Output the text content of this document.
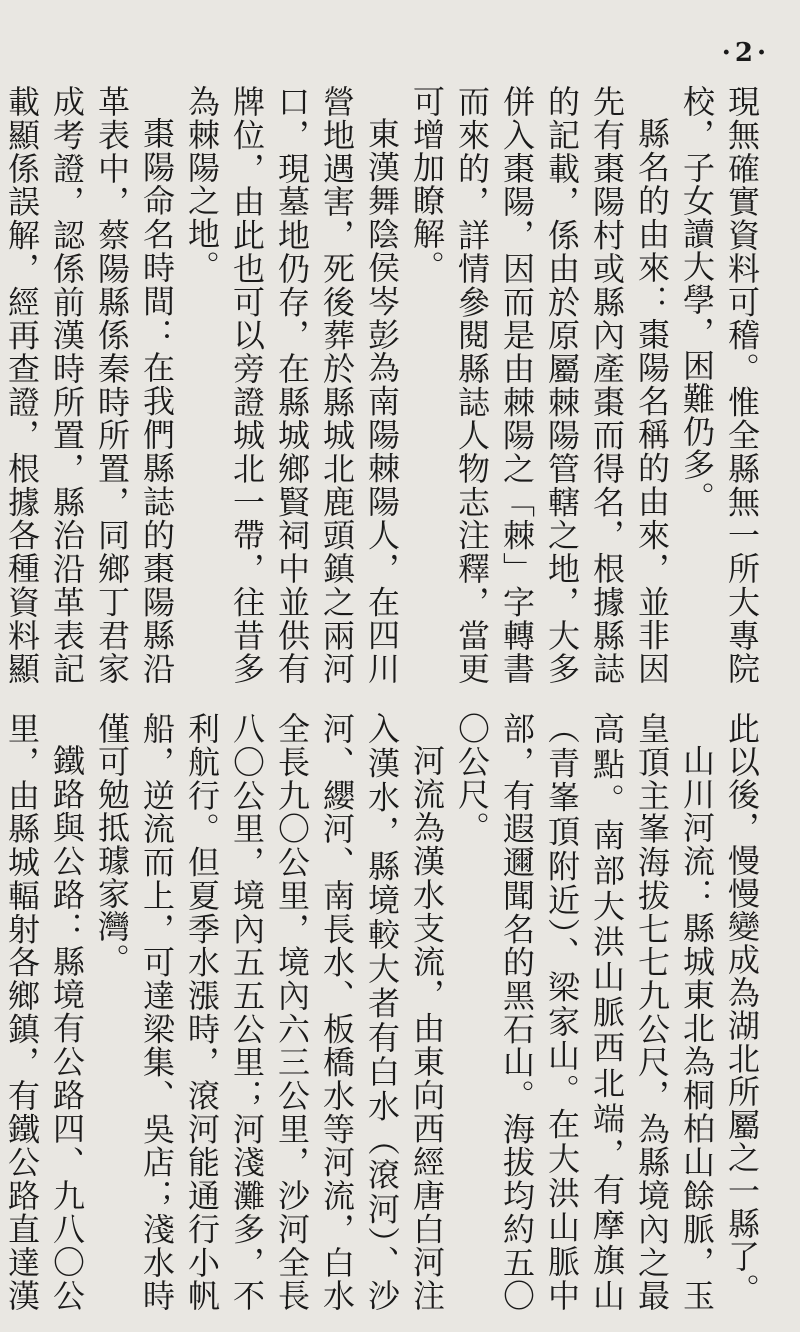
·2·

現無確實資料可稽。惟全縣無一所大專院校，子女讀大學，困難仍多。

縣名的由來：棗陽名稱的由來，並非因先有棗陽村或縣內產棗而得名，根據縣誌的記載，係由於原屬棘陽管轄之地，大多併入棗陽，因而是由棘陽之「棘」字轉書而來的，詳情參閱縣誌人物志注釋，當更可增加瞭解。

東漢舞陰侯岑彭為南陽棘陽人，在四川營地遇害，死後葬於縣城北鹿頭鎮之兩河口，現墓地仍存，在縣城鄉賢祠中並供有牌位，由此也可以旁證城北一帶，往昔多為棘陽之地。

棗陽命名時間：在我們縣誌的棗陽縣沿革表中，蔡陽縣係秦時所置，同鄉丁君家成考證，認係前漢時所置，縣治沿革表記載顯係誤解，經再查證，根據各種資料顯

此以後，慢慢變成為湖北所屬之一縣了。

山川河流：縣城東北為桐柏山餘脈，玉皇頂主峯海拔七七九公尺，為縣境內之最高點。南部大洪山脈西北端，有摩旗山（青峯頂附近）、梁家山。在大洪山脈中部，有遐邇聞名的黑石山。海拔均約五〇〇公尺。

河流為漢水支流，由東向西經唐白河注入漢水，縣境較大者有白水（滾河）、沙河、纓河、南長水、板橋水等河流，白水全長九〇公里，境內六三公里，沙河全長八〇公里，境內五五公里；河淺灘多，不利航行。但夏季水漲時，滾河能通行小帆船，逆流而上，可達梁集、吳店；淺水時僅可勉抵璩家灣。

鐵路與公路：縣境有公路四、九八〇公里，由縣城輻射各鄉鎮，有鐵公路直達漢
